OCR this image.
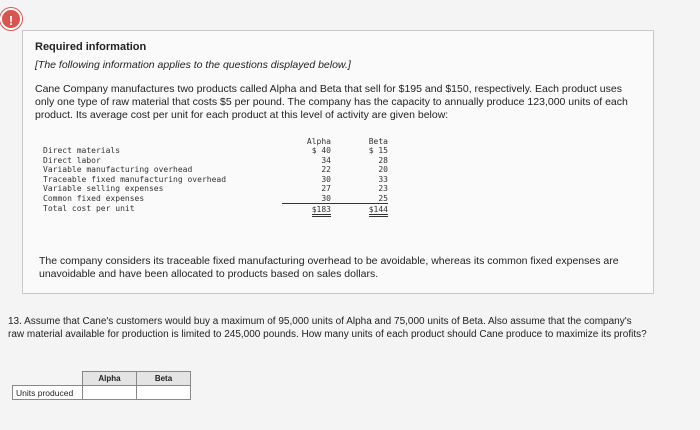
!
Required information
[The following information applies to the questions displayed below.]
Cane Company manufactures two products called Alpha and Beta that sell for $195 and $150, respectively. Each product uses only one type of raw material that costs $5 per pound. The company has the capacity to annually produce 123,000 units of each product. Its average cost per unit for each product at this level of activity are given below:
	Alpha	Beta
Direct materials	$ 40	$ 15
Direct labor	34	28
Variable manufacturing overhead	22	20
Traceable fixed manufacturing overhead	30	33
Variable selling expenses	27	23
Common fixed expenses	30	25
Total cost per unit	$183	$144
The company considers its traceable fixed manufacturing overhead to be avoidable, whereas its common fixed expenses are unavoidable and have been allocated to products based on sales dollars.
13. Assume that Cane's customers would buy a maximum of 95,000 units of Alpha and 75,000 units of Beta. Also assume that the company's raw material available for production is limited to 245,000 pounds. How many units of each product should Cane produce to maximize its profits?
	Alpha	Beta
Units produced		
